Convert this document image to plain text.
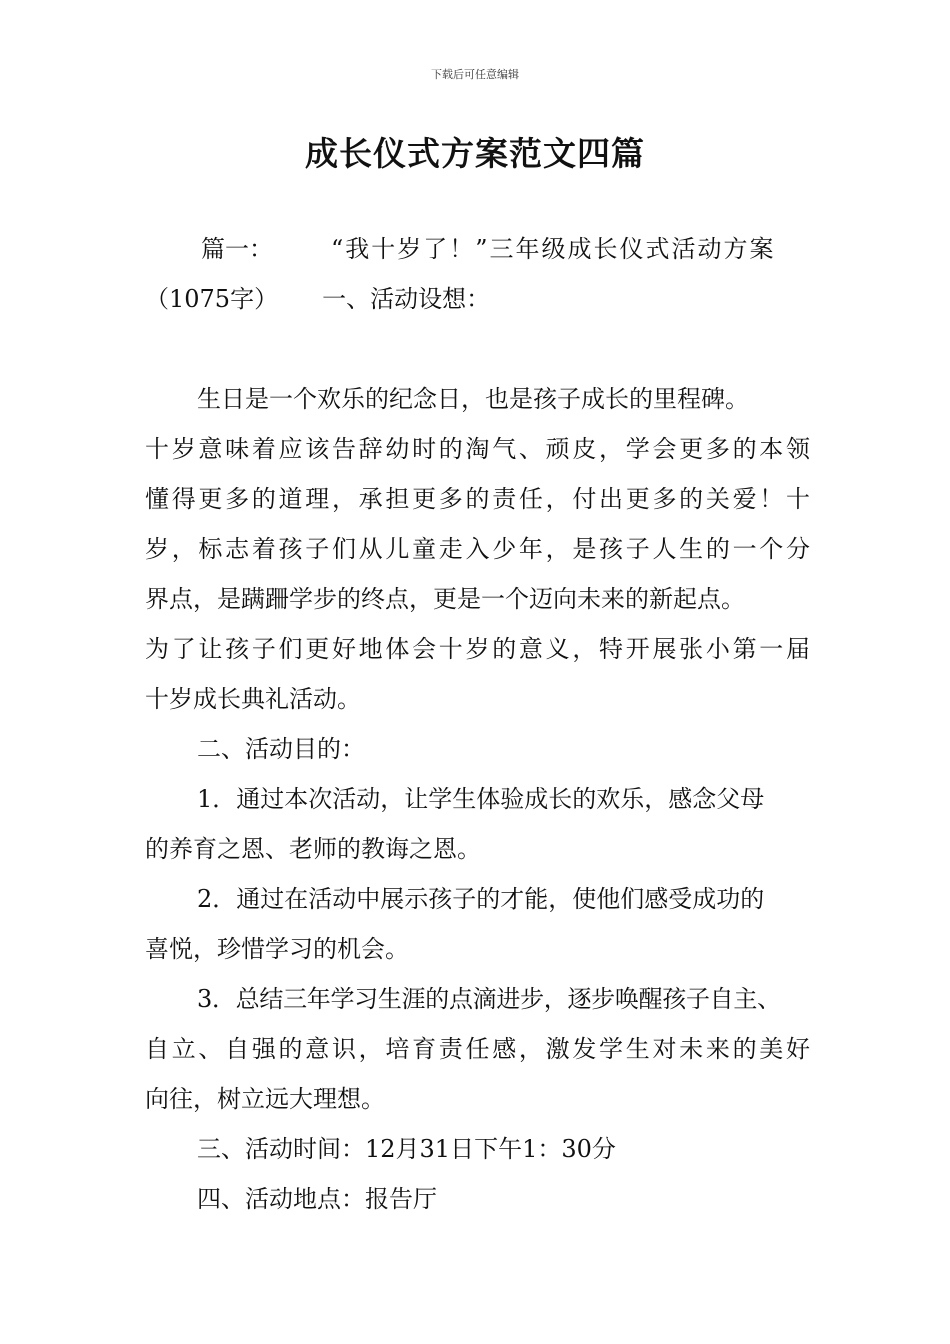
下载后可任意编辑
成长仪式方案范文四篇
篇一： “我十岁了！”三年级成长仪式活动方案
（1075字） 一、活动设想：
生日是一个欢乐的纪念日，也是孩子成长的里程碑。
十岁意味着应该告辞幼时的淘气、顽皮，学会更多的本领
懂得更多的道理，承担更多的责任，付出更多的关爱！十
岁，标志着孩子们从儿童走入少年，是孩子人生的一个分
界点，是蹒跚学步的终点，更是一个迈向未来的新起点。
为了让孩子们更好地体会十岁的意义，特开展张小第一届
十岁成长典礼活动。
二、活动目的：
1．通过本次活动，让学生体验成长的欢乐，感念父母
的养育之恩、老师的教诲之恩。
2．通过在活动中展示孩子的才能，使他们感受成功的
喜悦，珍惜学习的机会。
3．总结三年学习生涯的点滴进步，逐步唤醒孩子自主、
自立、自强的意识，培育责任感，激发学生对未来的美好
向往，树立远大理想。
三、活动时间：12月31日下午1：30分
四、活动地点：报告厅
